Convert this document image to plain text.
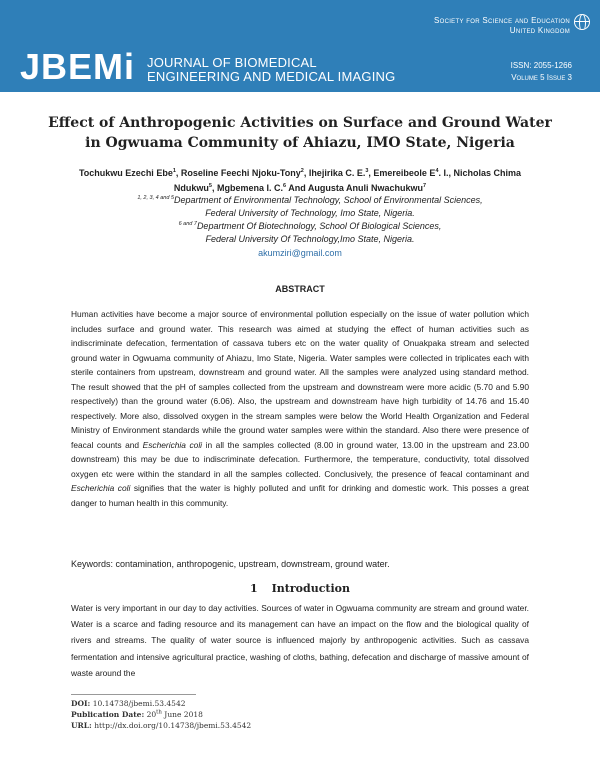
Society for Science and Education
United Kingdom
JBEMi JOURNAL OF BIOMEDICAL
ENGINEERING AND MEDICAL IMAGING
ISSN: 2055-1266
Volume 5 Issue 3
Effect of Anthropogenic Activities on Surface and Ground Water
in Ogwuama Community of Ahiazu, IMO State, Nigeria
Tochukwu Ezechi Ebe$^1$, Roseline Feechi Njoku-Tony$^2$, Ihejirika C. E.$^3$, Emereibeole $E^4$. I., Nicholas Chima Ndukwu$^5$, Mgbemena I. C.$^6$ And Augusta Anuli Nwachukwu$^7$
$^{1, 2, 3, 4 and 5}$Department of Environmental Technology, School of Environmental Sciences,
Federal University of Technology, Imo State, Nigeria.
$^{6 and 7}$Department Of Biotechnology, School Of Biological Sciences,
Federal University Of Technology,Imo State, Nigeria.
akumziri@gmail.com
ABSTRACT
Human activities have become a major source of environmental pollution especially on the issue of water pollution which includes surface and ground water. This research was aimed at studying the effect of human activities such as indiscriminate defecation, fermentation of cassava tubers etc on the water quality of Onuakpaka stream and selected ground water in Ogwuama community of Ahiazu, Imo State, Nigeria. Water samples were collected in triplicates each with sterile containers from upstream, downstream and ground water. All the samples were analyzed using standard method. The result showed that the pH of samples collected from the upstream and downstream were more acidic (5.70 and 5.90 respectively) than the ground water (6.06). Also, the upstream and downstream have high turbidity of 14.76 and 15.40 respectively. More also, dissolved oxygen in the stream samples were below the World Health Organization and Federal Ministry of Environment standards while the ground water samples were within the standard. Also there were presence of feacal counts and Escherichia coli in all the samples collected (8.00 in ground water, 13.00 in the upstream and 23.00 downstream) this may be due to indiscriminate defecation. Furthermore, the temperature, conductivity, total dissolved oxygen etc were within the standard in all the samples collected. Conclusively, the presence of feacal contaminant and Escherichia coli signifies that the water is highly polluted and unfit for drinking and domestic work. This posses a great danger to human health in this community.
Keywords: contamination, anthropogenic, upstream, downstream, ground water.
1 Introduction
Water is very important in our day to day activities. Sources of water in Ogwuama community are stream and ground water. Water is a scarce and fading resource and its management can have an impact on the flow and the biological quality of rivers and streams. The quality of water source is influenced majorly by anthropogenic activities. Such as cassava fermentation and intensive agricultural practice, washing of cloths, bathing, defecation and discharge of massive amount of waste around the
DOI: 10.14738/jbemi.53.4542
Publication Date: 20th June 2018
URL: http://dx.doi.org/10.14738/jbemi.53.4542
